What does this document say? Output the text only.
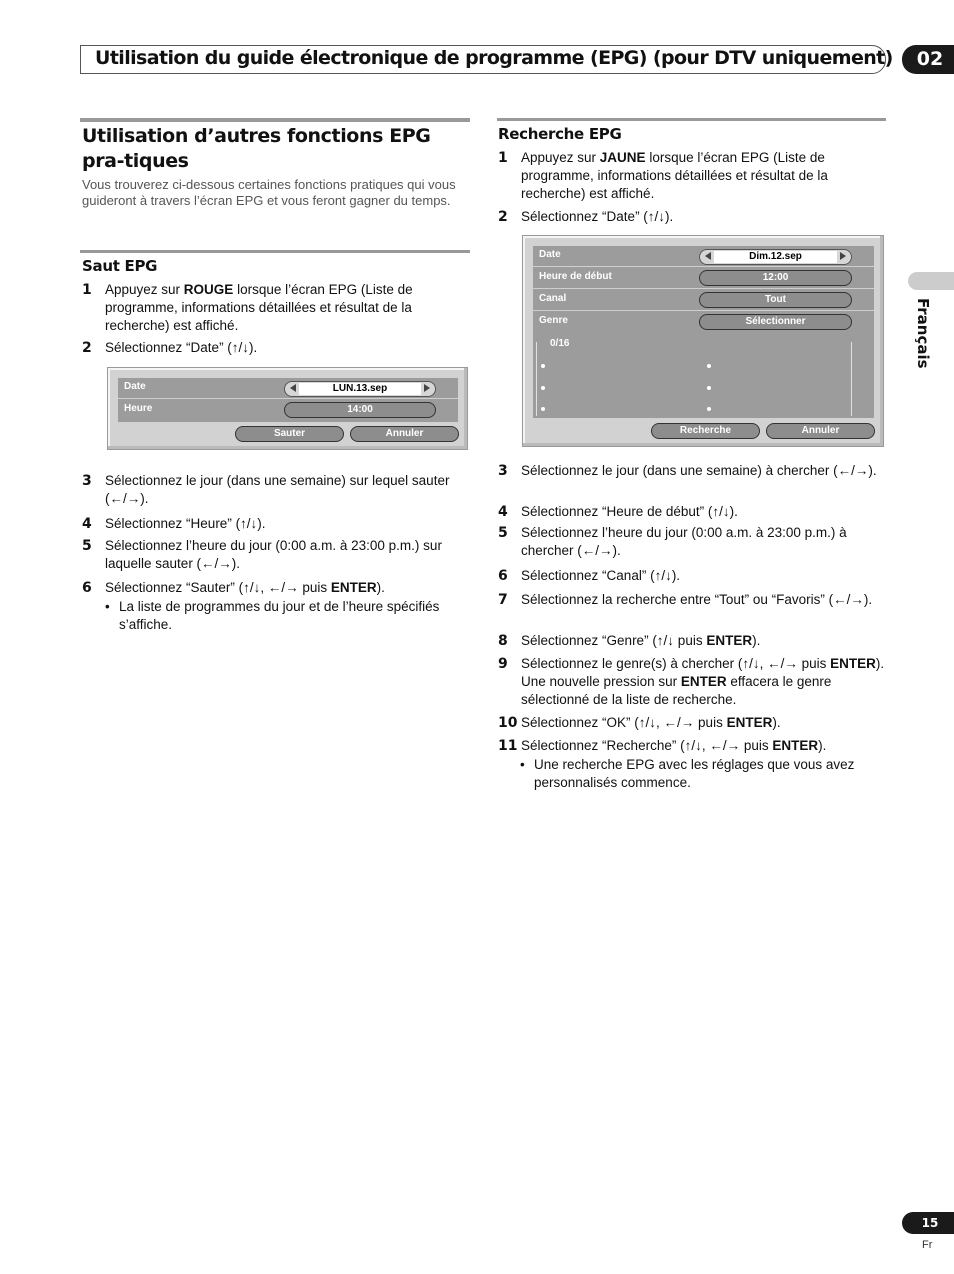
Utilisation du guide électronique de programme (EPG) (pour DTV uniquement)	02
Français
Utilisation d’autres fonctions EPG pra-tiques
Vous trouverez ci-dessous certaines fonctions pratiques qui vous guideront à travers l’écran EPG et vous feront gagner du temps.
Saut EPG
1 Appuyez sur ROUGE lorsque l’écran EPG (Liste de programme, informations détaillées et résultat de la recherche) est affiché.
2 Sélectionnez “Date” (↑/↓).
Date	LUN.13.sep
Heure	14:00
Sauter	Annuler
3 Sélectionnez le jour (dans une semaine) sur lequel sauter (←/→).
4 Sélectionnez “Heure” (↑/↓).
5 Sélectionnez l’heure du jour (0:00 a.m. à 23:00 p.m.) sur laquelle sauter (←/→).
6 Sélectionnez “Sauter” (↑/↓, ←/→ puis ENTER).
• La liste de programmes du jour et de l’heure spécifiés s’affiche.
Recherche EPG
1 Appuyez sur JAUNE lorsque l’écran EPG (Liste de programme, informations détaillées et résultat de la recherche) est affiché.
2 Sélectionnez “Date” (↑/↓).
Date	Dim.12.sep
Heure de début	12:00
Canal	Tout
Genre	Sélectionner
0/16
Recherche	Annuler
3 Sélectionnez le jour (dans une semaine) à chercher (←/→).
4 Sélectionnez “Heure de début” (↑/↓).
5 Sélectionnez l’heure du jour (0:00 a.m. à 23:00 p.m.) à chercher (←/→).
6 Sélectionnez “Canal” (↑/↓).
7 Sélectionnez la recherche entre “Tout” ou “Favoris” (←/→).
8 Sélectionnez “Genre” (↑/↓ puis ENTER).
9 Sélectionnez le genre(s) à chercher (↑/↓, ←/→ puis ENTER). Une nouvelle pression sur ENTER effacera le genre sélectionné de la liste de recherche.
10 Sélectionnez “OK” (↑/↓, ←/→ puis ENTER).
11 Sélectionnez “Recherche” (↑/↓, ←/→ puis ENTER).
• Une recherche EPG avec les réglages que vous avez personnalisés commence.
15
Fr
